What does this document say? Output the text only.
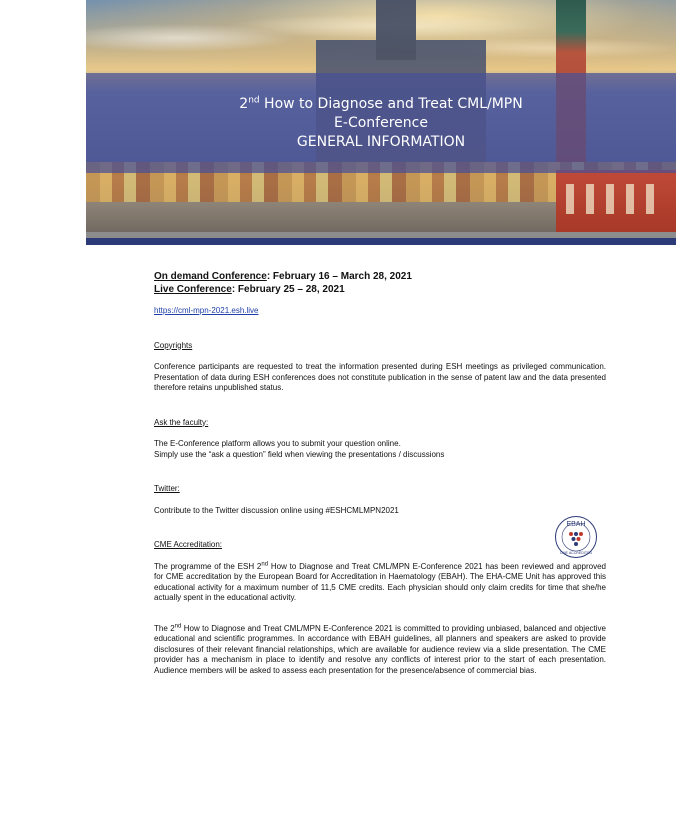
2nd How to Diagnose and Treat CML/MPN
E-Conference
GENERAL INFORMATION
On demand Conference: February 16 – March 28, 2021
Live Conference: February 25 – 28, 2021
https://cml-mpn-2021.esh.live
Copyrights

Conference participants are requested to treat the information presented during ESH meetings as privileged communication. Presentation of data during ESH conferences does not constitute publication in the sense of patent law and the data presented therefore retains unpublished status.

Ask the faculty:

The E-Conference platform allows you to submit your question online.

Simply use the “ask a question” field when viewing the presentations / discussions

Twitter:

Contribute to the Twitter discussion online using #ESHCMLMPN2021

CME Accreditation:

The programme of the ESH 2nd How to Diagnose and Treat CML/MPN E-Conference 2021 has been reviewed and approved for CME accreditation by the European Board for Accreditation in Haematology (EBAH). The EHA-CME Unit has approved this educational activity for a maximum number of 11,5 CME credits. Each physician should only claim credits for time that she/he actually spent in the educational activity.

The 2nd How to Diagnose and Treat CML/MPN E-Conference 2021 is committed to providing unbiased, balanced and objective educational and scientific programmes. In accordance with EBAH guidelines, all planners and speakers are asked to provide disclosures of their relevant financial relationships, which are available for audience review via a slide presentation. The CME provider has a mechanism in place to identify and resolve any conflicts of interest prior to the start of each presentation. Audience members will be asked to assess each presentation for the presence/absence of commercial bias.

EBAH
CME ACCREDITED
